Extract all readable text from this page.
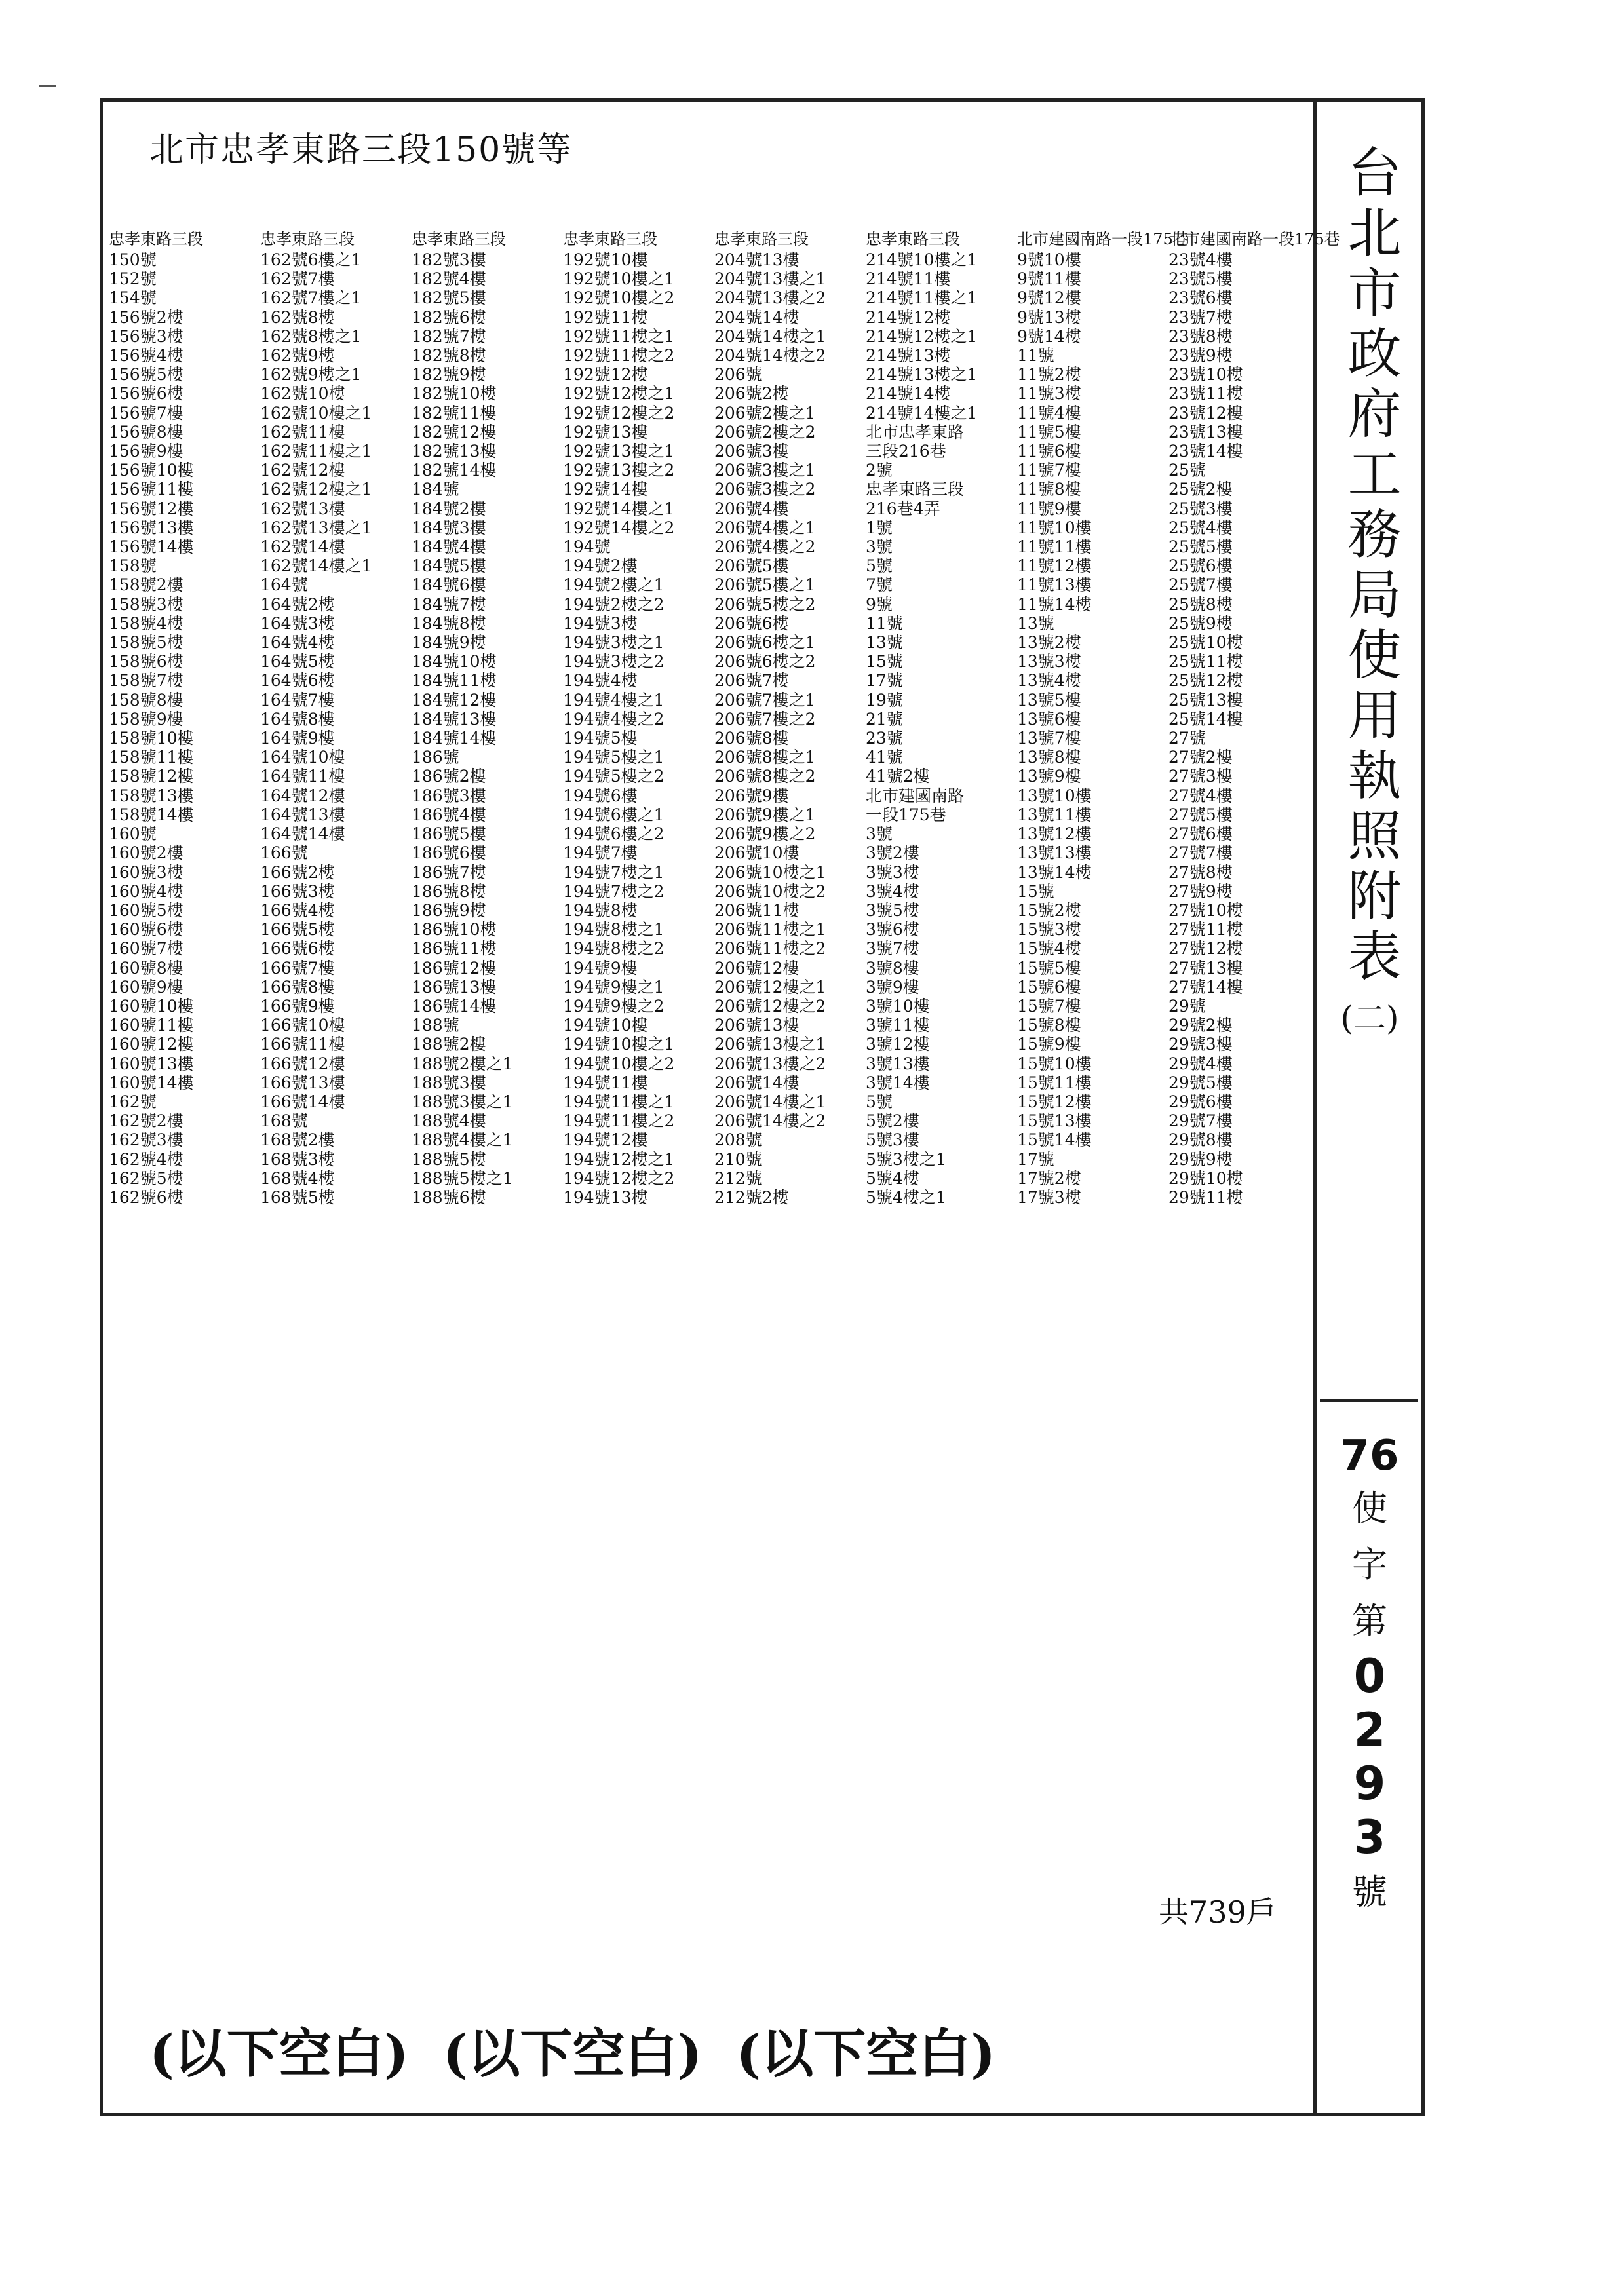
北市忠孝東路三段150號等	台北市政府工務局使用執照附表
(二)
76
使
字
第
0
2
9
3
號
共739戶
忠孝東路三段
150號
152號
154號
156號2樓
156號3樓
156號4樓
156號5樓
156號6樓
156號7樓
156號8樓
156號9樓
156號10樓
156號11樓
156號12樓
156號13樓
156號14樓
158號
158號2樓
158號3樓
158號4樓
158號5樓
158號6樓
158號7樓
158號8樓
158號9樓
158號10樓
158號11樓
158號12樓
158號13樓
158號14樓
160號
160號2樓
160號3樓
160號4樓
160號5樓
160號6樓
160號7樓
160號8樓
160號9樓
160號10樓
160號11樓
160號12樓
160號13樓
160號14樓
162號
162號2樓
162號3樓
162號4樓
162號5樓
162號6樓
忠孝東路三段
162號6樓之1
162號7樓
162號7樓之1
162號8樓
162號8樓之1
162號9樓
162號9樓之1
162號10樓
162號10樓之1
162號11樓
162號11樓之1
162號12樓
162號12樓之1
162號13樓
162號13樓之1
162號14樓
162號14樓之1
164號
164號2樓
164號3樓
164號4樓
164號5樓
164號6樓
164號7樓
164號8樓
164號9樓
164號10樓
164號11樓
164號12樓
164號13樓
164號14樓
166號
166號2樓
166號3樓
166號4樓
166號5樓
166號6樓
166號7樓
166號8樓
166號9樓
166號10樓
166號11樓
166號12樓
166號13樓
166號14樓
168號
168號2樓
168號3樓
168號4樓
168號5樓
忠孝東路三段
182號3樓
182號4樓
182號5樓
182號6樓
182號7樓
182號8樓
182號9樓
182號10樓
182號11樓
182號12樓
182號13樓
182號14樓
184號
184號2樓
184號3樓
184號4樓
184號5樓
184號6樓
184號7樓
184號8樓
184號9樓
184號10樓
184號11樓
184號12樓
184號13樓
184號14樓
186號
186號2樓
186號3樓
186號4樓
186號5樓
186號6樓
186號7樓
186號8樓
186號9樓
186號10樓
186號11樓
186號12樓
186號13樓
186號14樓
188號
188號2樓
188號2樓之1
188號3樓
188號3樓之1
188號4樓
188號4樓之1
188號5樓
188號5樓之1
188號6樓
忠孝東路三段
192號10樓
192號10樓之1
192號10樓之2
192號11樓
192號11樓之1
192號11樓之2
192號12樓
192號12樓之1
192號12樓之2
192號13樓
192號13樓之1
192號13樓之2
192號14樓
192號14樓之1
192號14樓之2
194號
194號2樓
194號2樓之1
194號2樓之2
194號3樓
194號3樓之1
194號3樓之2
194號4樓
194號4樓之1
194號4樓之2
194號5樓
194號5樓之1
194號5樓之2
194號6樓
194號6樓之1
194號6樓之2
194號7樓
194號7樓之1
194號7樓之2
194號8樓
194號8樓之1
194號8樓之2
194號9樓
194號9樓之1
194號9樓之2
194號10樓
194號10樓之1
194號10樓之2
194號11樓
194號11樓之1
194號11樓之2
194號12樓
194號12樓之1
194號12樓之2
194號13樓
忠孝東路三段
204號13樓
204號13樓之1
204號13樓之2
204號14樓
204號14樓之1
204號14樓之2
206號
206號2樓
206號2樓之1
206號2樓之2
206號3樓
206號3樓之1
206號3樓之2
206號4樓
206號4樓之1
206號4樓之2
206號5樓
206號5樓之1
206號5樓之2
206號6樓
206號6樓之1
206號6樓之2
206號7樓
206號7樓之1
206號7樓之2
206號8樓
206號8樓之1
206號8樓之2
206號9樓
206號9樓之1
206號9樓之2
206號10樓
206號10樓之1
206號10樓之2
206號11樓
206號11樓之1
206號11樓之2
206號12樓
206號12樓之1
206號12樓之2
206號13樓
206號13樓之1
206號13樓之2
206號14樓
206號14樓之1
206號14樓之2
208號
210號
212號
212號2樓
忠孝東路三段
214號10樓之1
214號11樓
214號11樓之1
214號12樓
214號12樓之1
214號13樓
214號13樓之1
214號14樓
214號14樓之1
北市忠孝東路
三段216巷
2號
忠孝東路三段
216巷4弄
1號
3號
5號
7號
9號
11號
13號
15號
17號
19號
21號
23號
41號
41號2樓
北市建國南路
一段175巷
3號
3號2樓
3號3樓
3號4樓
3號5樓
3號6樓
3號7樓
3號8樓
3號9樓
3號10樓
3號11樓
3號12樓
3號13樓
3號14樓
5號
5號2樓
5號3樓
5號3樓之1
5號4樓
5號4樓之1
北市建國南路一段175巷
9號10樓
9號11樓
9號12樓
9號13樓
9號14樓
11號
11號2樓
11號3樓
11號4樓
11號5樓
11號6樓
11號7樓
11號8樓
11號9樓
11號10樓
11號11樓
11號12樓
11號13樓
11號14樓
13號
13號2樓
13號3樓
13號4樓
13號5樓
13號6樓
13號7樓
13號8樓
13號9樓
13號10樓
13號11樓
13號12樓
13號13樓
13號14樓
15號
15號2樓
15號3樓
15號4樓
15號5樓
15號6樓
15號7樓
15號8樓
15號9樓
15號10樓
15號11樓
15號12樓
15號13樓
15號14樓
17號
17號2樓
17號3樓
北市建國南路一段175巷
23號4樓
23號5樓
23號6樓
23號7樓
23號8樓
23號9樓
23號10樓
23號11樓
23號12樓
23號13樓
23號14樓
25號
25號2樓
25號3樓
25號4樓
25號5樓
25號6樓
25號7樓
25號8樓
25號9樓
25號10樓
25號11樓
25號12樓
25號13樓
25號14樓
27號
27號2樓
27號3樓
27號4樓
27號5樓
27號6樓
27號7樓
27號8樓
27號9樓
27號10樓
27號11樓
27號12樓
27號13樓
27號14樓
29號
29號2樓
29號3樓
29號4樓
29號5樓
29號6樓
29號7樓
29號8樓
29號9樓
29號10樓
29號11樓
(以下空白) (以下空白) (以下空白)
